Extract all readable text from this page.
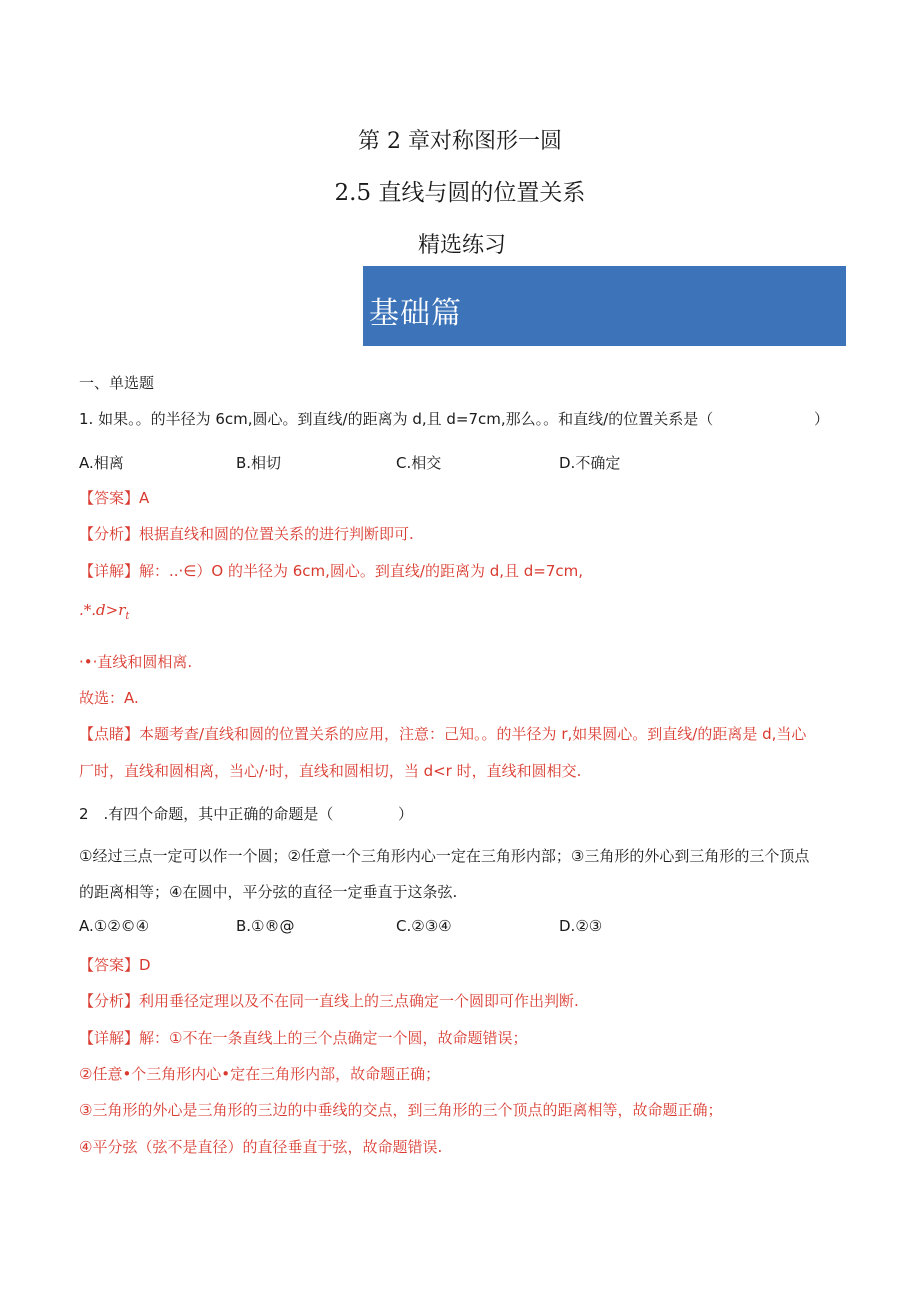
第 2 章对称图形一圆
2.5 直线与圆的位置关系
精选练习
基础篇
一、单选题
1. 如果。。的半径为 6cm,圆心。到直线/的距离为 d,且 d=7cm,那么。。和直线/的位置关系是（	）
A.相离	B.相切	C.相交	D.不确定
【答案】A
【分析】根据直线和圆的位置关系的进行判断即可.
【详解】解：..·∈）O 的半径为 6cm,圆心。到直线/的距离为 d,且 d=7cm,
$.*.d>r_t$
·•·直线和圆相离.
故选：A.
【点睹】本题考查/直线和圆的位置关系的应用，注意：己知。。的半径为 r,如果圆心。到直线/的距离是 d,当心
厂时，直线和圆相离，当心/·时，直线和圆相切，当 d<r 时，直线和圆相交.
2　.有四个命题，其中正确的命题是（	）
①经过三点一定可以作一个圆；②任意一个三角形内心一定在三角形内部；③三角形的外心到三角形的三个顶点
的距离相等；④在圆中，平分弦的直径一定垂直于这条弦.
A.①②©④	B.①®@	C.②③④	D.②③
【答案】D
【分析】利用垂径定理以及不在同一直线上的三点确定一个圆即可作出判断.
【详解】解：①不在一条直线上的三个点确定一个圆，故命题错误；
②任意•个三角形内心•定在三角形内部，故命题正确；
③三角形的外心是三角形的三边的中垂线的交点，到三角形的三个顶点的距离相等，故命题正确；
④平分弦（弦不是直径）的直径垂直于弦，故命题错误.
